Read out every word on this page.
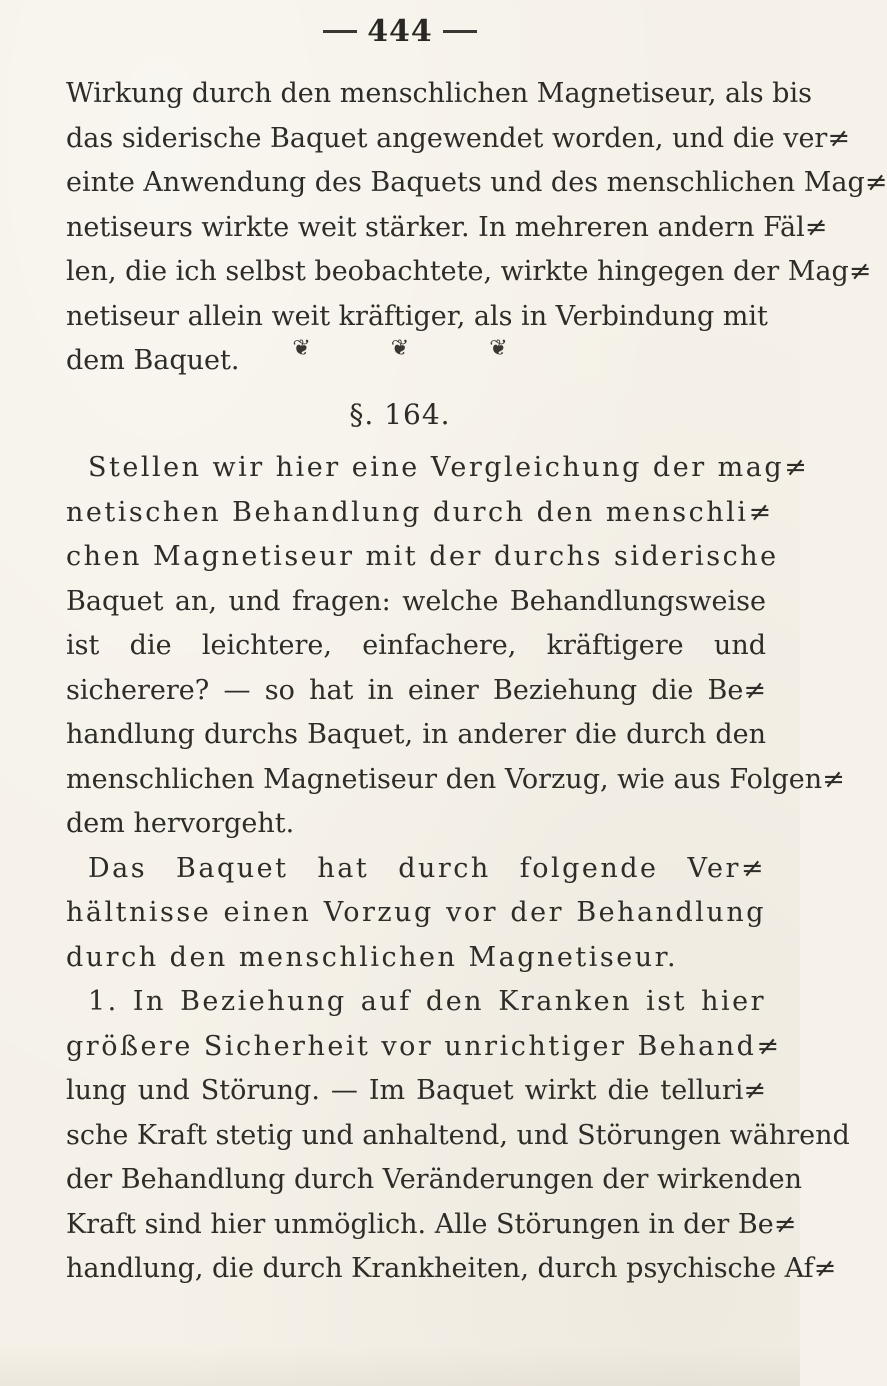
444
Wirkung durch den menschlichen Magnetiseur, als bis
das siderische Baquet angewendet worden, und die ver≠
einte Anwendung des Baquets und des menschlichen Mag≠
netiseurs wirkte weit stärker. In mehreren andern Fäl≠
len, die ich selbst beobachtete, wirkte hingegen der Mag≠
netiseur allein weit kräftiger, als in Verbindung mit
dem Baquet.	❦	❦	❦
§. 164.
Stellen wir hier eine Vergleichung der mag≠
netischen Behandlung durch den menschli≠
chen Magnetiseur mit der durchs siderische
Baquet an, und fragen: welche Behandlungsweise
ist die leichtere, einfachere, kräftigere und
sicherere? — so hat in einer Beziehung die Be≠
handlung durchs Baquet, in anderer die durch den
menschlichen Magnetiseur den Vorzug, wie aus Folgen≠
dem hervorgeht.
Das Baquet hat durch folgende Ver≠
hältnisse einen Vorzug vor der Behandlung
durch den menschlichen Magnetiseur.
1. In Beziehung auf den Kranken ist hier
größere Sicherheit vor unrichtiger Behand≠
lung und Störung. — Im Baquet wirkt die telluri≠
sche Kraft stetig und anhaltend, und Störungen während
der Behandlung durch Veränderungen der wirkenden
Kraft sind hier unmöglich. Alle Störungen in der Be≠
handlung, die durch Krankheiten, durch psychische Af≠
